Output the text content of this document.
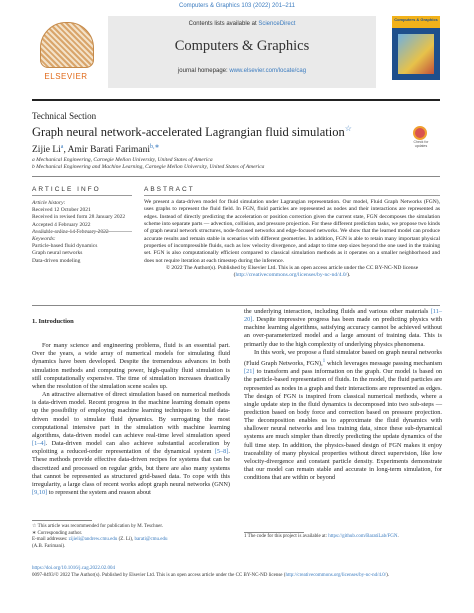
Computers & Graphics 103 (2022) 201–211
ELSEVIER
Contents lists available at ScienceDirect
Computers & Graphics
journal homepage: www.elsevier.com/locate/cag
Computers & Graphics
Technical Section
Graph neural network-accelerated Lagrangian fluid simulation☆
Check for updates
Zijie Li$^a$, Amir Barati Farimani$^{b,∗}$
a Mechanical Engineering, Carnegie Mellon University, United States of America
b Mechanical Engineering and Machine Learning, Carnegie Mellon University, United States of America
ARTICLE INFO
Article history:
Received 12 October 2021
Received in revised form 28 January 2022
Accepted 4 February 2022
Keywords:
Particle-based fluid dynamics
Graph neural networks
Data-driven modeling
ABSTRACT
We present a data-driven model for fluid simulation under Lagrangian representation. Our model, Fluid Graph Networks (FGN), uses graphs to represent the fluid field. In FGN, fluid particles are represented as nodes and their interactions are represented as edges. Instead of directly predicting the acceleration or position correction given the current state, FGN decomposes the simulation scheme into separate parts — advection, collision, and pressure projection. For these different prediction tasks, we propose two kinds of graph neural network structures, node-focused networks and edge-focused networks. We show that the learned model can produce accurate results and remain stable in scenarios with different geometries. In addition, FGN is able to retain many important physical properties of incompressible fluids, such as low velocity divergence, and adapt to time step sizes beyond the one used in the training set. FGN is also computationally efficient compared to classical simulation methods as it operates on a smaller neighborhood and does not require iteration at each timestep during the inference.
© 2022 The Author(s). Published by Elsevier Ltd. This is an open access article under the CC BY-NC-ND license (http://creativecommons.org/licenses/by-nc-nd/4.0/).
1. Introduction

For many science and engineering problems, fluid is an essential part. Over the years, a wide array of numerical models for simulating fluid dynamics have been developed. Despite the tremendous advances in both simulation methods and computing power, high-quality fluid simulation is still computationally expensive. The time of simulation increases drastically when the resolution of the simulation scene scales up.

An attractive alternative of direct simulation based on numerical methods is data-driven model. Recent progress in the machine learning domain opens up the possibility of employing machine learning techniques to build data-driven model to simulate fluid dynamics. By surrogating the most computational intensive part in the simulation with machine learning algorithms, data-driven model can achieve real-time level simulation speed [1–4]. Data-driven model can also achieve substantial acceleration by exploiting a reduced-order representation of the dynamical system [5–8]. These methods provide effective data-driven recipes for systems that can be discretized and processed on regular grids, but there are also many systems that cannot be represented as structured grid-based data. To cope with this irregularity, a large class of recent works adopt graph neural networks (GNN) [9,10] to represent the system and reason about

the underlying interaction, including fluids and various other materials [11–20]. Despite impressive progress has been made on predicting physics with machine learning algorithms, satisfying accuracy cannot be achieved without an over-parameterized model and a large amount of training data. This is primarily due to the high complexity of underlying physics phenomena.

In this work, we propose a fluid simulator based on graph neural networks (Fluid Graph Networks, FGN),$^1$ which leverages message passing mechanism [21] to transform and pass information on the graph. Our model is based on the particle-based representation of fluids. In the model, the fluid particles are represented as nodes in a graph and their interactions are represented as edges. The design of FGN is inspired from classical numerical methods, where a single update step in the fluid dynamics is decomposed into two sub-steps — prediction based on body force and correction based on pressure projection. The decomposition enables us to approximate the fluid dynamics with shallower neural networks and less training data, since these sub-dynamical systems are much simpler than directly predicting the update dynamics of the full time step. In addition, the physics-based design of FGN makes it enjoy traceability of many physical properties without direct supervision, like low velocity-divergence and constant particle density. Experiments demonstrate that our model can remain stable and accurate in long-term simulation, for conditions that are within or beyond

☆ This article was recommended for publication by M. Teschner.
∗ Corresponding author.
E-mail addresses: zijieli@andrew.cmu.edu (Z. Li), barati@cmu.edu
(A.B. Farimani).
1 The code for this project is available at: https://github.com/BaratiLab/FGN.
https://doi.org/10.1016/j.cag.2022.02.004
0097-8493/© 2022 The Author(s). Published by Elsevier Ltd. This is an open access article under the CC BY-NC-ND license (http://creativecommons.org/licenses/by-nc-nd/4.0/).
